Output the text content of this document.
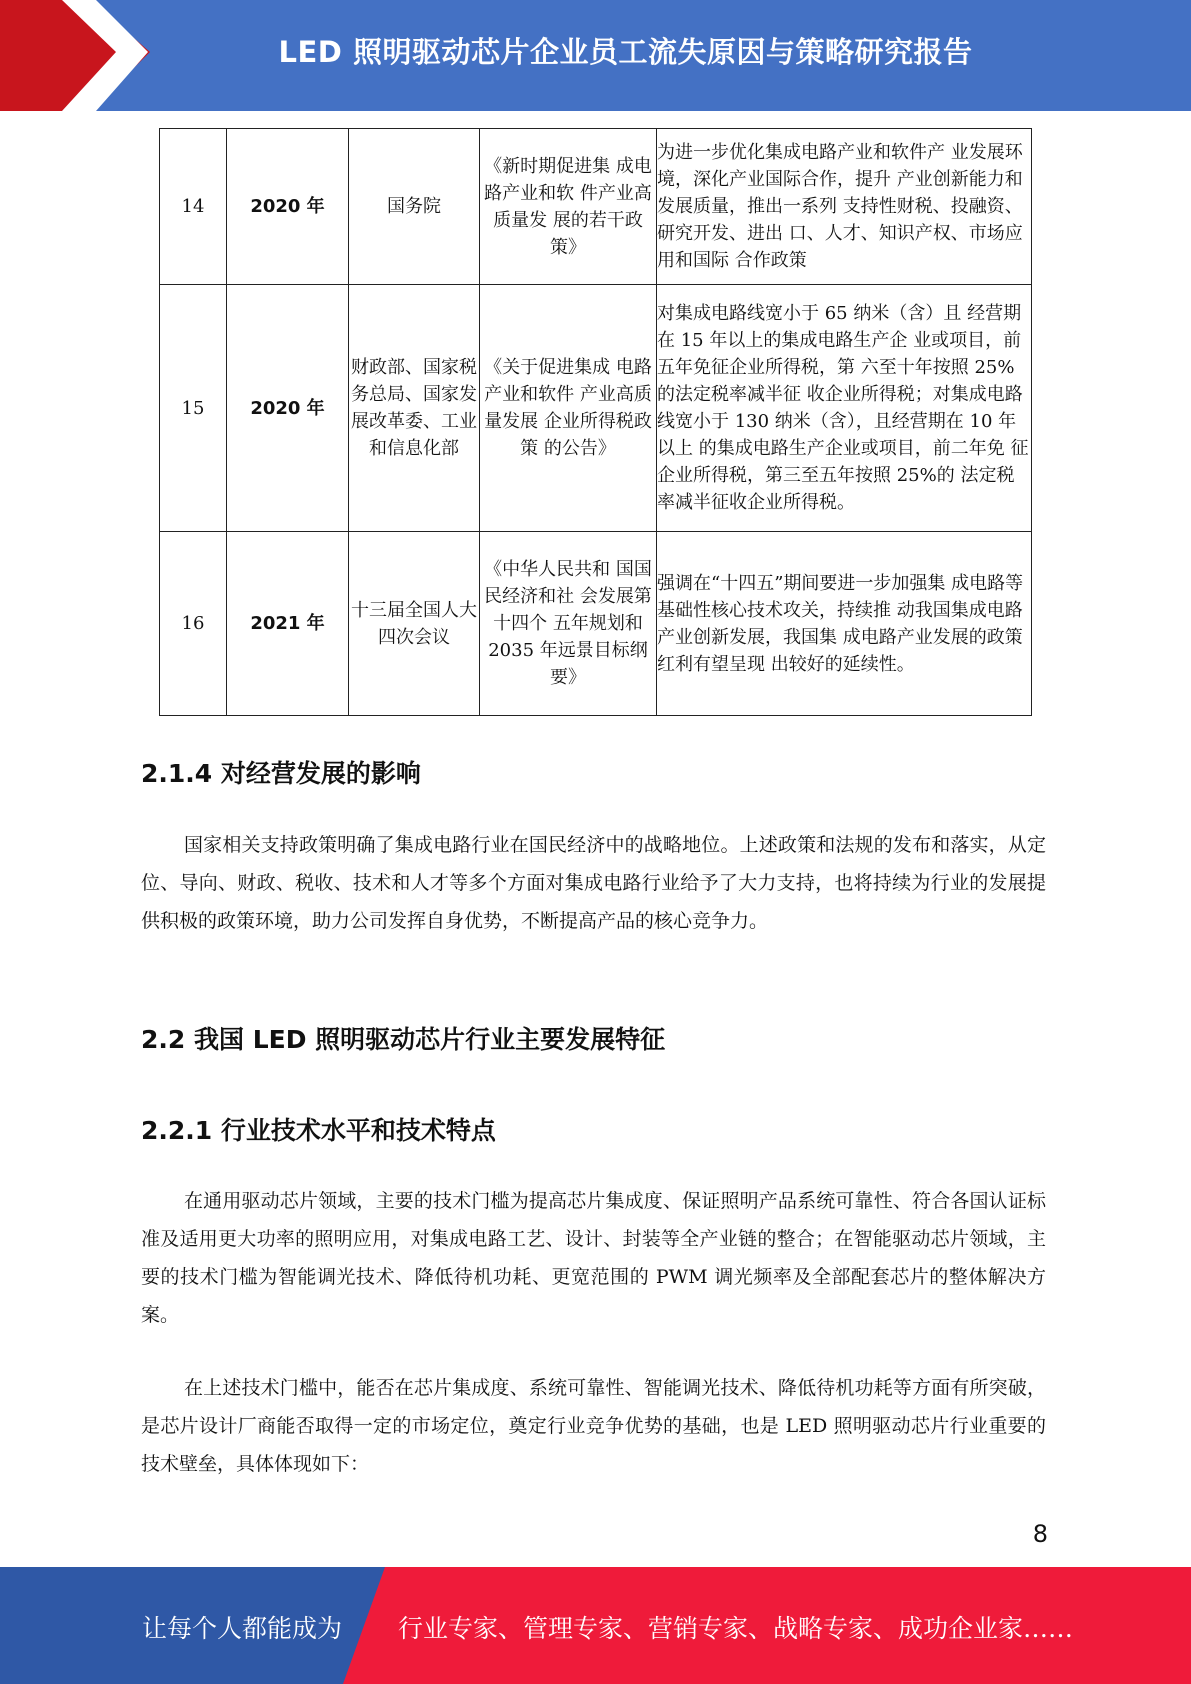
LED 照明驱动芯片企业员工流失原因与策略研究报告
14	2020 年	国务院	《新时期促进集 成电路产业和软 件产业高质量发 展的若干政策》	为进一步优化集成电路产业和软件产 业发展环境，深化产业国际合作，提升 产业创新能力和发展质量，推出一系列 支持性财税、投融资、研究开发、进出 口、人才、知识产权、市场应用和国际 合作政策
15	2020 年	财政部、国家税务总局、国家发展改革委、工业和信息化部	《关于促进集成 电路产业和软件 产业高质量发展 企业所得税政策 的公告》	对集成电路线宽小于 65 纳米（含）且 经营期在 15 年以上的集成电路生产企 业或项目，前五年免征企业所得税，第 六至十年按照 25%的法定税率减半征 收企业所得税；对集成电路线宽小于 130 纳米（含），且经营期在 10 年以上 的集成电路生产企业或项目，前二年免 征企业所得税，第三至五年按照 25%的 法定税率减半征收企业所得税。
16	2021 年	十三届全国人大四次会议	《中华人民共和 国国民经济和社 会发展第十四个 五年规划和 2035 年远景目标纲 要》	强调在“十四五”期间要进一步加强集 成电路等基础性核心技术攻关，持续推 动我国集成电路产业创新发展，我国集 成电路产业发展的政策红利有望呈现 出较好的延续性。
2.1.4 对经营发展的影响

国家相关支持政策明确了集成电路行业在国民经济中的战略地位。上述政策和法规的发布和落实，从定位、导向、财政、税收、技术和人才等多个方面对集成电路行业给予了大力支持，也将持续为行业的发展提供积极的政策环境，助力公司发挥自身优势，不断提高产品的核心竞争力。

2.2 我国 LED 照明驱动芯片行业主要发展特征
2.2.1 行业技术水平和技术特点

在通用驱动芯片领域，主要的技术门槛为提高芯片集成度、保证照明产品系统可靠性、符合各国认证标准及适用更大功率的照明应用，对集成电路工艺、设计、封装等全产业链的整合；在智能驱动芯片领域，主要的技术门槛为智能调光技术、降低待机功耗、更宽范围的 PWM 调光频率及全部配套芯片的整体解决方案。

在上述技术门槛中，能否在芯片集成度、系统可靠性、智能调光技术、降低待机功耗等方面有所突破，是芯片设计厂商能否取得一定的市场定位，奠定行业竞争优势的基础，也是 LED 照明驱动芯片行业重要的技术壁垒，具体体现如下：

8
让每个人都能成为 行业专家、管理专家、营销专家、战略专家、成功企业家……
